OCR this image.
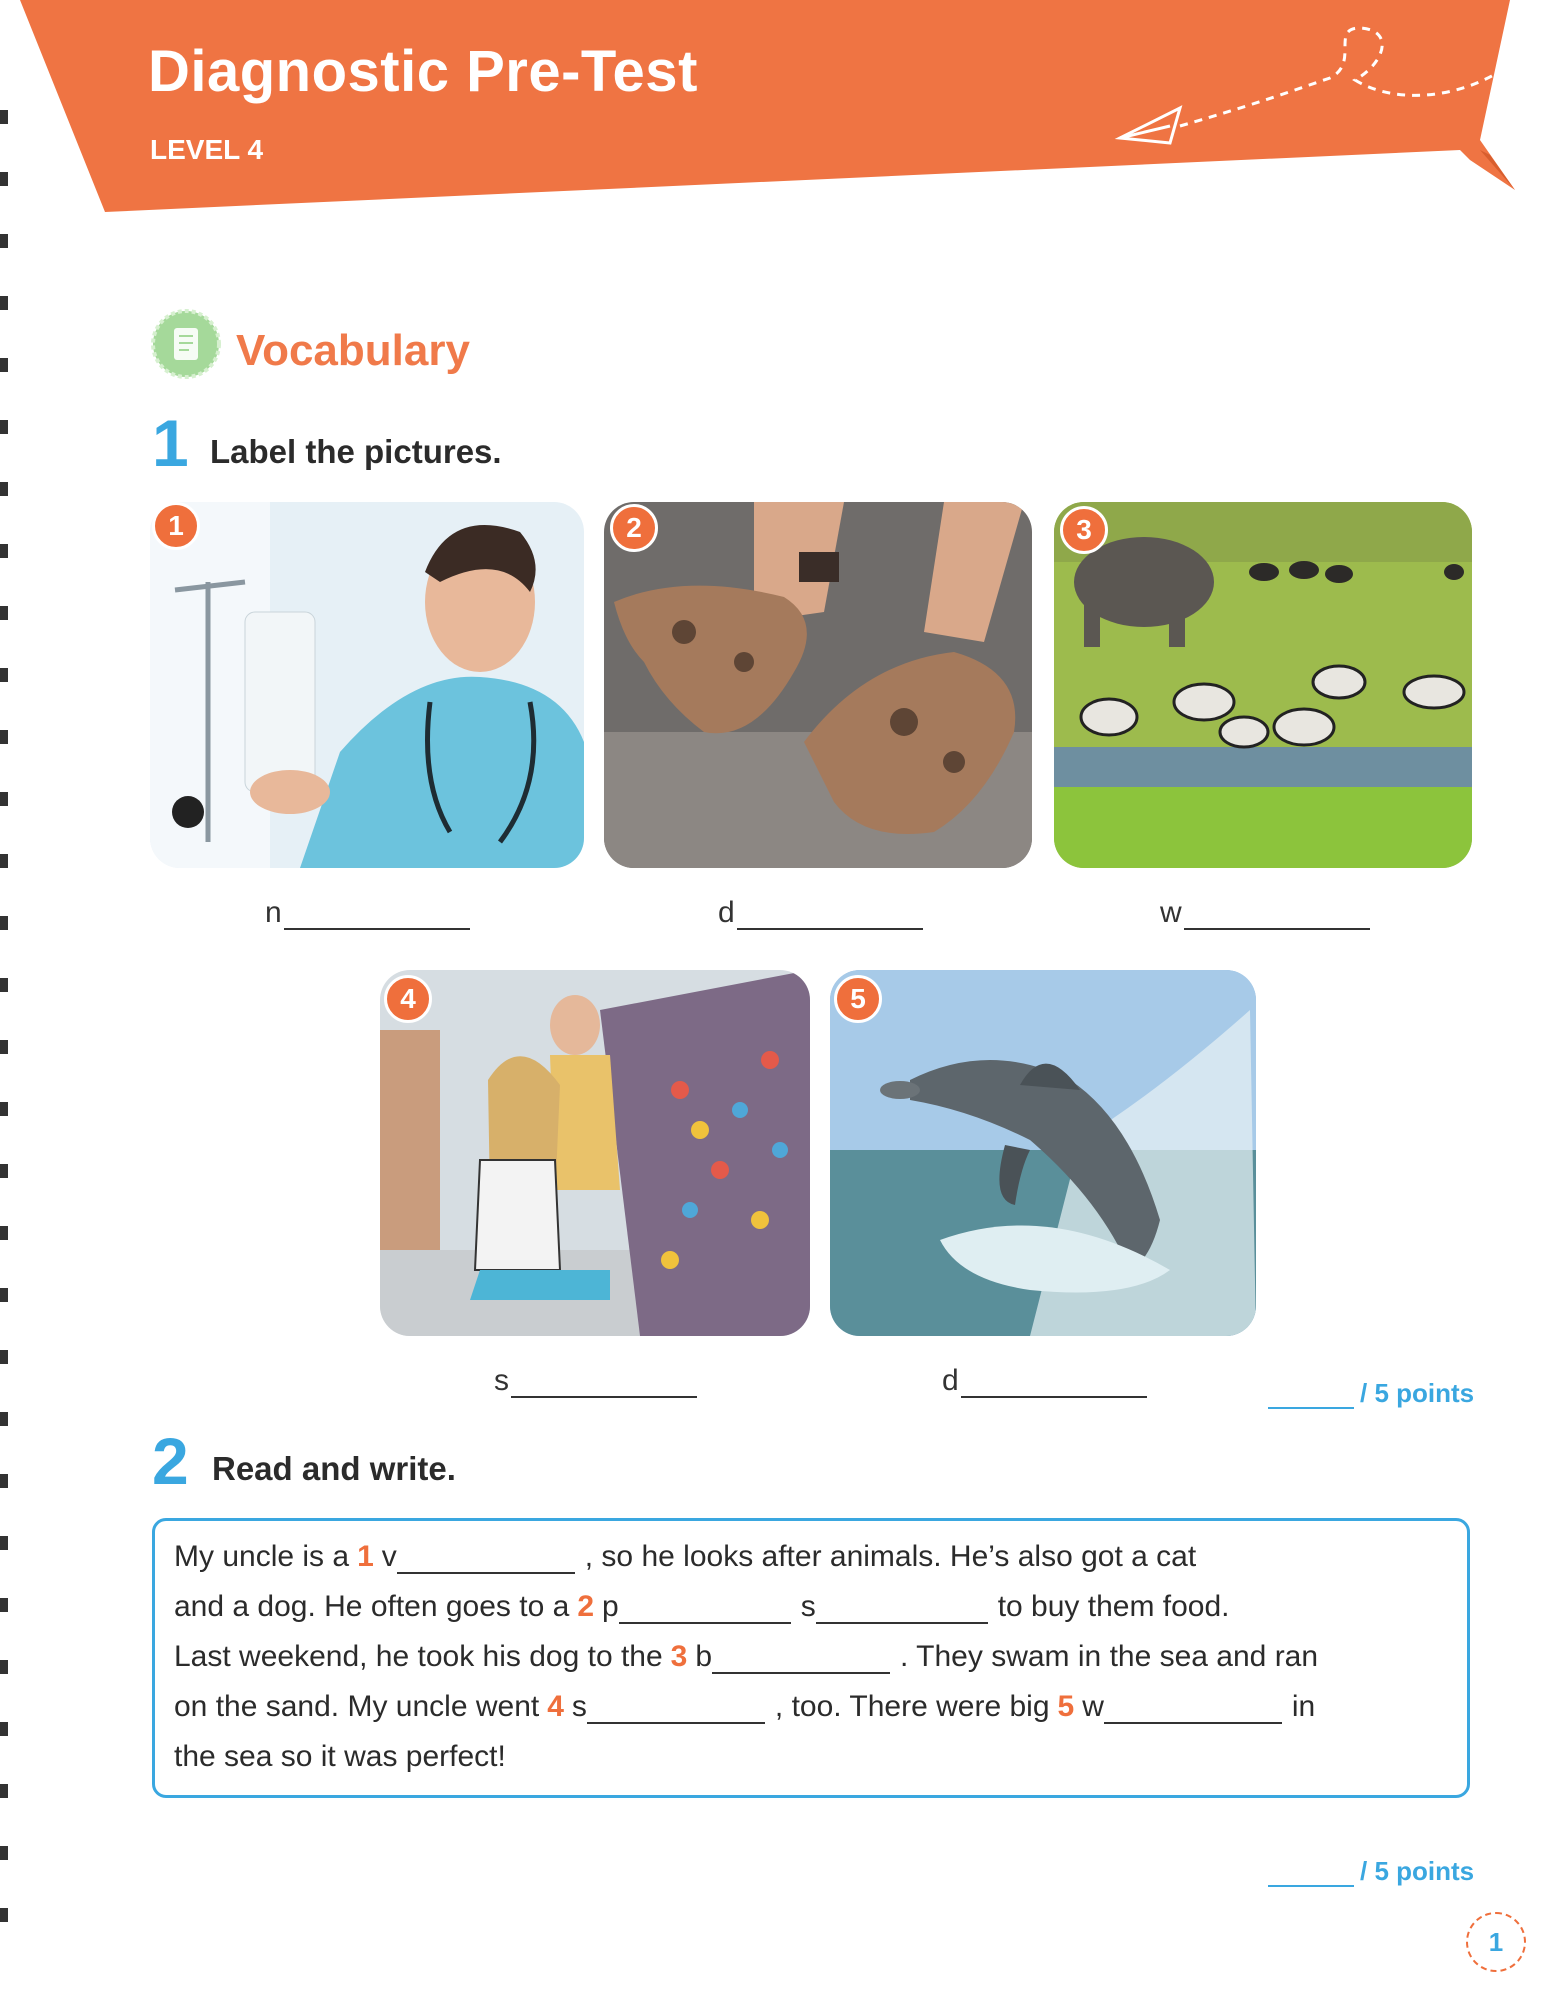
Diagnostic Pre-Test
LEVEL 4
Vocabulary
1 Label the pictures.
1
n
2
d
3
w
4
s
5
d	/ 5 points
2 Read and write.
My uncle is a 1 v	, so he looks after animals. He’s also got a cat
and a dog. He often goes to a 2 p	s	to buy them food.
Last weekend, he took his dog to the 3 b	. They swam in the sea and ran
on the sand. My uncle went 4 s	, too. There were big 5 w	in
the sea so it was perfect!
/ 5 points
1
